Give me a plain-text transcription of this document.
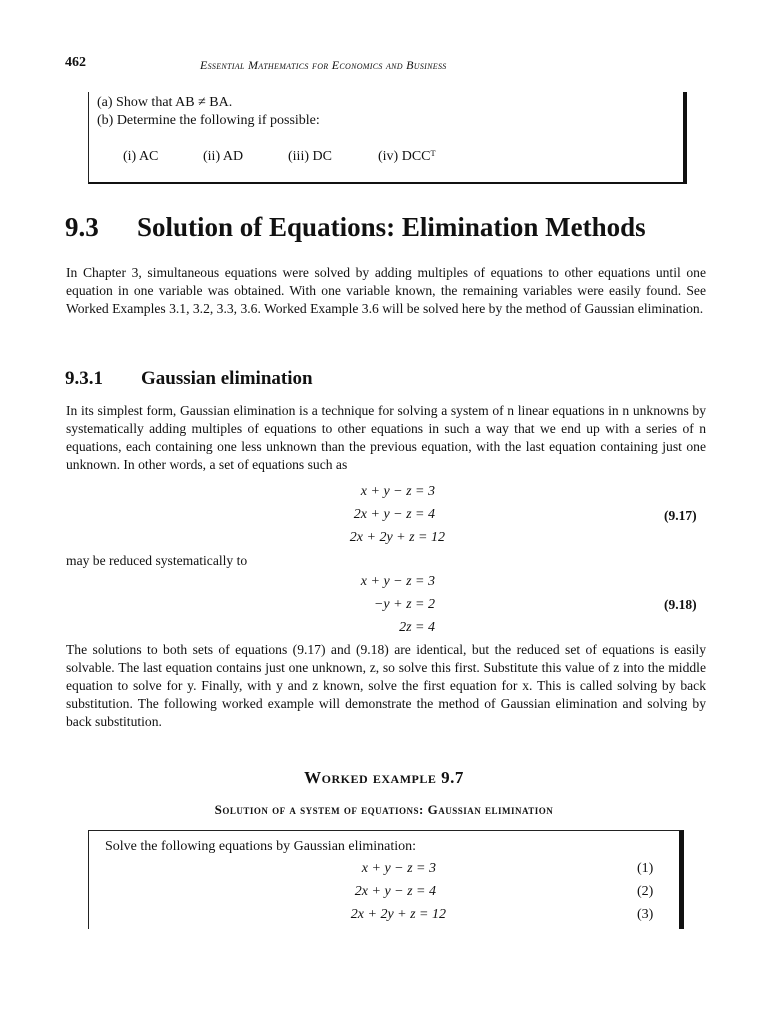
462	Essential Mathematics for Economics and Business
(a) Show that AB ≠ BA.
(b) Determine the following if possible:
(i) AC	(ii) AD	(iii) DC	(iv) DCCᵀ
9.3 Solution of Equations: Elimination Methods
In Chapter 3, simultaneous equations were solved by adding multiples of equations to other equations until one equation in one variable was obtained. With one variable known, the remaining variables were easily found. See Worked Examples 3.1, 3.2, 3.3, 3.6. Worked Example 3.6 will be solved here by the method of Gaussian elimination.
9.3.1 Gaussian elimination
In its simplest form, Gaussian elimination is a technique for solving a system of n linear equations in n unknowns by systematically adding multiples of equations to other equations in such a way that we end up with a series of n equations, each containing one less unknown than the previous equation, with the last equation containing just one unknown. In other words, a set of equations such as
x + y − z = 3
2x + y − z = 4
2x + 2y + z = 12
(9.17)
may be reduced systematically to
x + y − z = 3
−y + z = 2
2z = 4
(9.18)
The solutions to both sets of equations (9.17) and (9.18) are identical, but the reduced set of equations is easily solvable. The last equation contains just one unknown, z, so solve this first. Substitute this value of z into the middle equation to solve for y. Finally, with y and z known, solve the first equation for x. This is called solving by back substitution. The following worked example will demonstrate the method of Gaussian elimination and solving by back substitution.
Worked example 9.7
Solution of a system of equations: Gaussian elimination
Solve the following equations by Gaussian elimination:
x + y − z = 3
2x + y − z = 4
2x + 2y + z = 12
(1)
(2)
(3)
